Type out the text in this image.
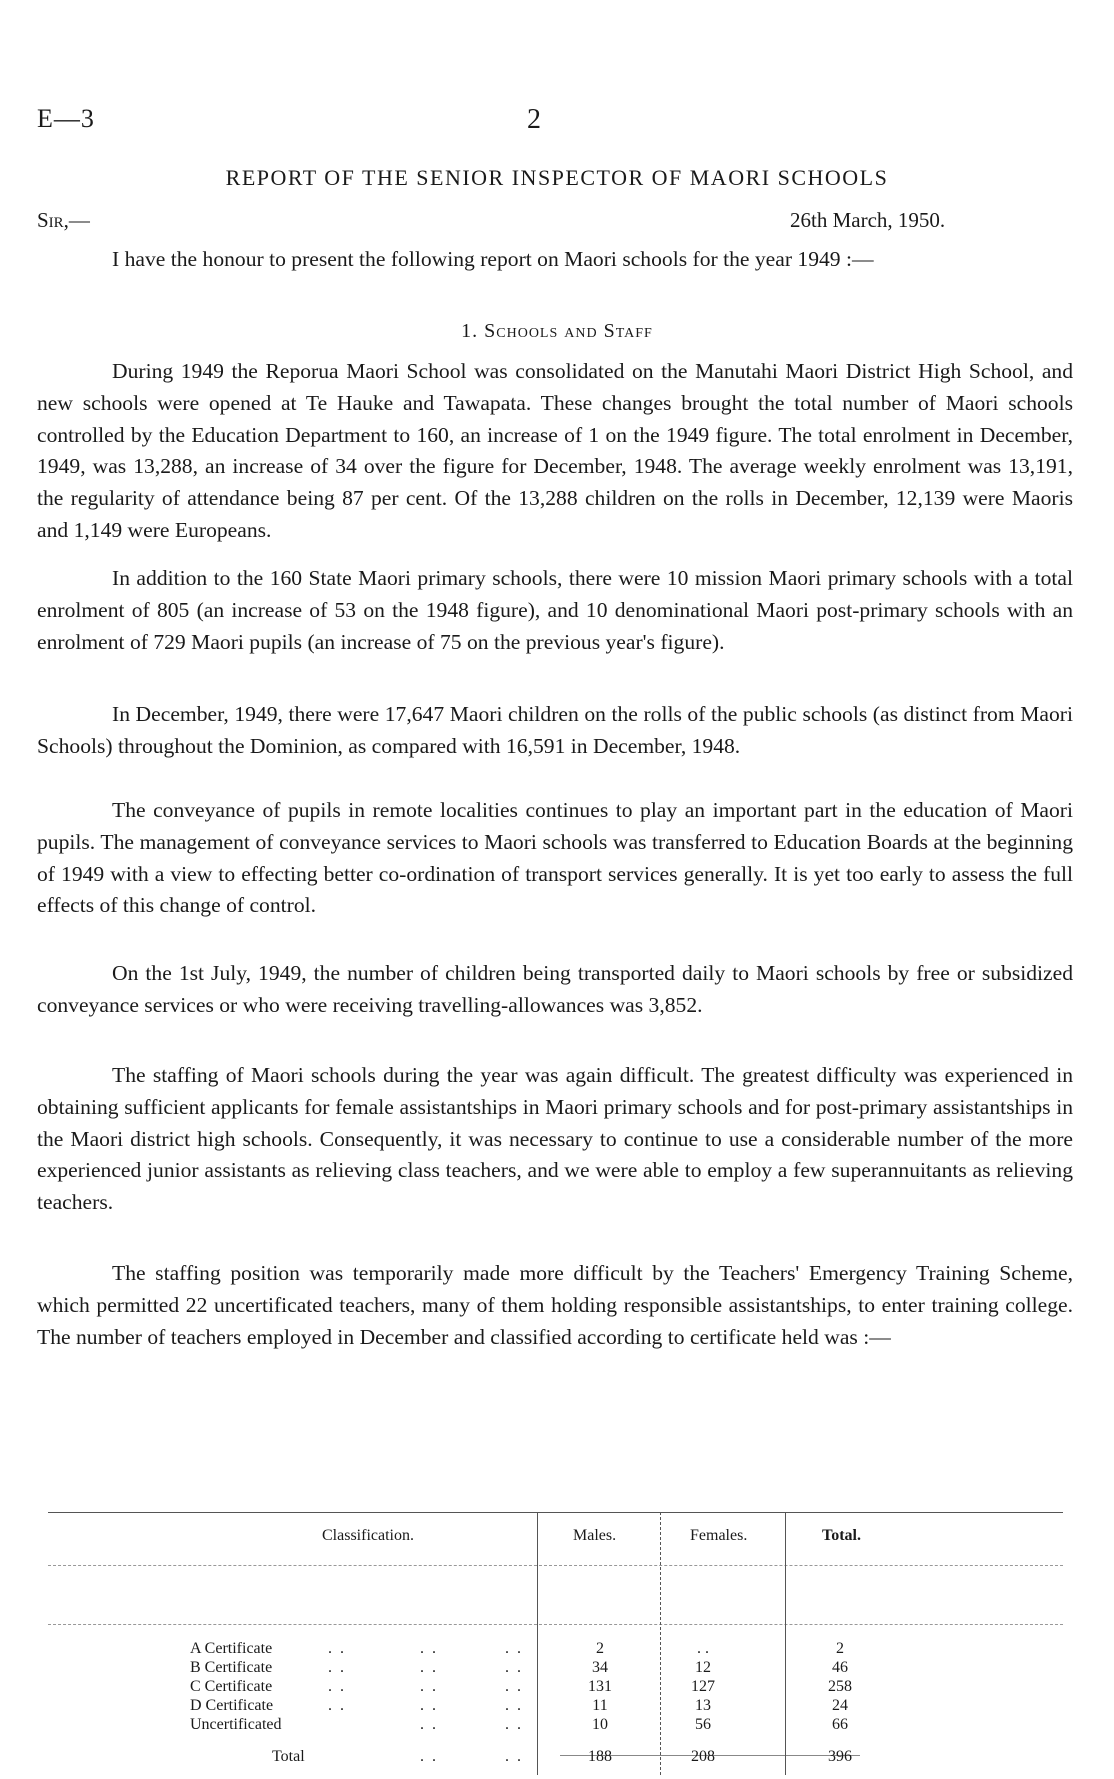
E—3	2
REPORT OF THE SENIOR INSPECTOR OF MAORI SCHOOLS
Sir,—	26th March, 1950.
I have the honour to present the following report on Maori schools for the year 1949 :—
1. Schools and Staff
During 1949 the Reporua Maori School was consolidated on the Manutahi Maori District High School, and new schools were opened at Te Hauke and Tawapata. These changes brought the total number of Maori schools controlled by the Education Department to 160, an increase of 1 on the 1949 figure. The total enrolment in December, 1949, was 13,288, an increase of 34 over the figure for December, 1948. The average weekly enrolment was 13,191, the regularity of attendance being 87 per cent. Of the 13,288 children on the rolls in December, 12,139 were Maoris and 1,149 were Europeans.
In addition to the 160 State Maori primary schools, there were 10 mission Maori primary schools with a total enrolment of 805 (an increase of 53 on the 1948 figure), and 10 denominational Maori post-primary schools with an enrolment of 729 Maori pupils (an increase of 75 on the previous year's figure).
In December, 1949, there were 17,647 Maori children on the rolls of the public schools (as distinct from Maori Schools) throughout the Dominion, as compared with 16,591 in December, 1948.
The conveyance of pupils in remote localities continues to play an important part in the education of Maori pupils. The management of conveyance services to Maori schools was transferred to Education Boards at the beginning of 1949 with a view to effecting better co-ordination of transport services generally. It is yet too early to assess the full effects of this change of control.
On the 1st July, 1949, the number of children being transported daily to Maori schools by free or subsidized conveyance services or who were receiving travelling-allowances was 3,852.
The staffing of Maori schools during the year was again difficult. The greatest difficulty was experienced in obtaining sufficient applicants for female assistantships in Maori primary schools and for post-primary assistantships in the Maori district high schools. Consequently, it was necessary to continue to use a considerable number of the more experienced junior assistants as relieving class teachers, and we were able to employ a few superannuitants as relieving teachers.
The staffing position was temporarily made more difficult by the Teachers' Emergency Training Scheme, which permitted 22 uncertificated teachers, many of them holding responsible assistantships, to enter training college. The number of teachers employed in December and classified according to certificate held was :—
Classification.	Males.	Females.	Total.
A Certificate	. .	. .	. .	2	. .	2
B Certificate	. .	. .	. .	34	12	46
C Certificate	. .	. .	. .	131	127	258
D Certificate	. .	. .	. .	11	13	24
Uncertificated	. .	. .	10	56	66
Total	. .	. .	188	208	396
